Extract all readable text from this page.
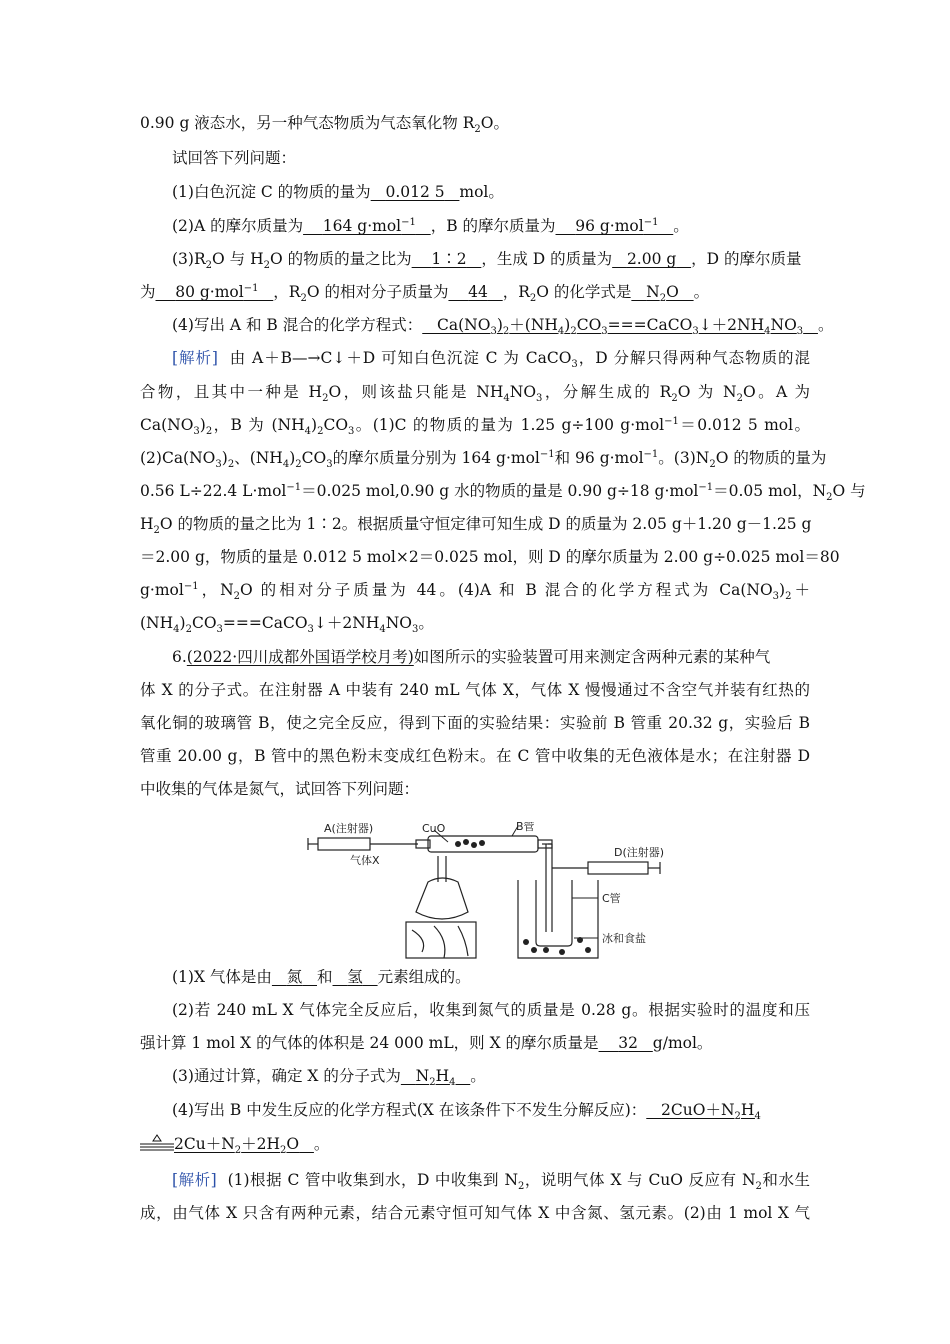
0.90 g 液态水，另一种气态物质为气态氧化物 $R_2O$。
试回答下列问题：
(1)白色沉淀 C 的物质的量为 0.012 5 mol。
(2)A 的摩尔质量为 164 g·mol$^{-1}$ ，B 的摩尔质量为 96 g·mol$^{-1}$ 。
$(3)R_2O$ 与 $H_2O$ 的物质的量之比为 1∶2 ，生成 D 的质量为 2.00 g ，D 的摩尔质量
为 80 g·mol$^{-1}$ ，$R_2O$ 的相对分子质量为 44 ，$R_2O$ 的化学式是 $N_2O$   。
(4)写出 A 和 B 混合的化学方程式：   $Ca(NO_3)_2+(NH_4)_2CO_3===CaCO_3↓+2NH_4NO_3$ 。
[解析] 由 A＋B—→C↓＋D 可知白色沉淀 C 为 CaCO$_3$，D 分解只得两种气态物质的混
合物，且其中一种是 $H_2O$，则该盐只能是 $NH_4NO_3$，分解生成的 $R_2O$ 为 $N_2O$。A 为
$Ca(NO_3)_2$，B 为 $(NH_4)_2CO_3$。(1)C 的物质的量为 1.25 g÷100 g·mol$^{-1}$＝0.012 5 mol。
$(2)Ca(NO_3)_2$、$(NH_4)_2CO_3$的摩尔质量分别为 164 g·mol$^{-1}$和 96 g·mol$^{-1}$。$(3)N_2O$ 的物质的量为
0.56 L÷22.4 L·mol$^{-1}$＝0.025 mol,0.90 g 水的物质的量是 0.90 g÷18 g·mol$^{-1}$＝0.05 mol，$N_2O$ 与
$H_2O$ 的物质的量之比为 1∶2。根据质量守恒定律可知生成 D 的质量为 2.05 g＋1.20 g－1.25 g
＝2.00 g，物质的量是 0.012 5 mol×2＝0.025 mol，则 D 的摩尔质量为 2.00 g÷0.025 mol＝80
g·mol$^{-1}$，$N_2O$ 的相对分子质量为 44。(4)A 和 B 混合的化学方程式为 $Ca(NO_3)_2+$
$(NH_4)_2CO_3===CaCO_3↓+2NH_4NO_3$。
6.(2022·四川成都外国语学校月考)如图所示的实验装置可用来测定含两种元素的某种气
体 X 的分子式。在注射器 A 中装有 240 mL 气体 X，气体 X 慢慢通过不含空气并装有红热的
氧化铜的玻璃管 B，使之完全反应，得到下面的实验结果：实验前 B 管重 20.32 g，实验后 B
管重 20.00 g，B 管中的黑色粉末变成红色粉末。在 C 管中收集的无色液体是水；在注射器 D
中收集的气体是氮气，试回答下列问题：
CuO	B管
A(注射器)
气体X
D(注射器)
C管
冰和食盐
(1)X 气体是由 氮 和 氢 元素组成的。
(2)若 240 mL X 气体完全反应后，收集到氮气的质量是 0.28 g。根据实验时的温度和压
强计算 1 mol X 的气体的体积是 24 000 mL，则 X 的摩尔质量是 32 g/mol。
(3)通过计算，确定 X 的分子式为 $N_2H_4$ 。
(4)写出 B 中发生反应的化学方程式(X 在该条件下不发生分解反应)： $2CuO+N_2H_4$
$2Cu+N_2+2H_2O$ 。
[解析] (1)根据 C 管中收集到水，D 中收集到 $N_2$，说明气体 X 与 CuO 反应有 $N_2$和水生
成，由气体 X 只含有两种元素，结合元素守恒可知气体 X 中含氮、氢元素。(2)由 1 mol X 气
